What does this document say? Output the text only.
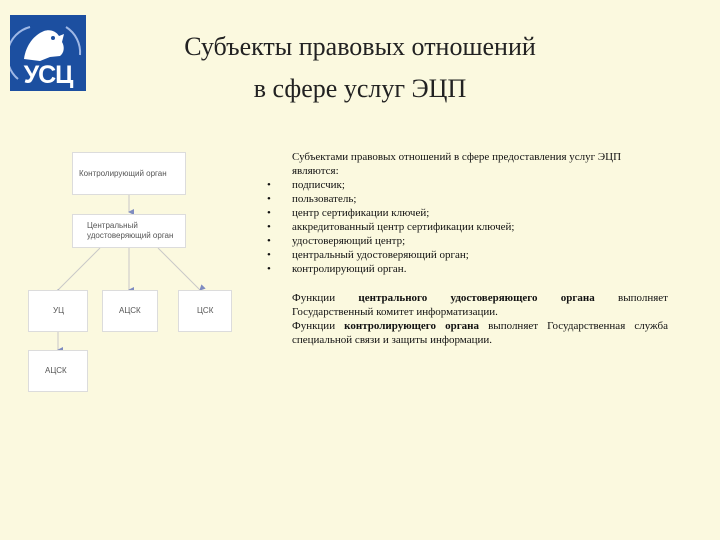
УСЦ
Субъекты правовых отношений
в сфере услуг ЭЦП
Контролирующий орган
Центральный
удостоверяющий орган
УЦ	АЦСК	ЦСК
АЦСК

Субъектами правовых отношений в сфере предоставления услуг ЭЦП являются:

• подписчик;
• пользователь;
• центр сертификации ключей;
• аккредитованный центр сертификации ключей;
• удостоверяющий центр;
• центральный удостоверяющий орган;
• контролирующий орган.

Функции центрального удостоверяющего органа выполняет Государственный комитет информатизации.

Функции контролирующего органа выполняет Государственная служба специальной связи и защиты информации.
